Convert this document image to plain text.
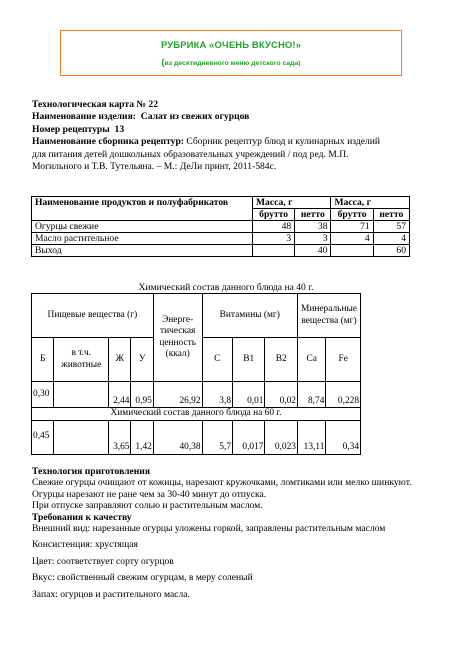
РУБРИКА «ОЧЕНЬ ВКУСНО!»
(из десятидневного меню детского сада)
Технологическая карта № 22
Наименование изделия: Салат из свежих огурцов
Номер рецептуры 13
Наименование сборника рецептур: Сборник рецептур блюд и кулинарных изделий
для питания детей дошкольных образовательных учреждений / под ред. М.П.
Могильного и Т.В. Тутельяна. – М.: ДеЛи принт, 2011-584с.
Наименование продуктов и полуфабрикатов	Масса, г		Масса, г	
	брутто	нетто	брутто	нетто
Огурцы свежие	48	38	71	57
Масло растительное	3	3	4	4
Выход		40		60
Химический состав данного блюда на 40 г.
Пищевые вещества (г)				Энерге-тическая ценность (ккал)	Витамины (мг)			Минеральные вещества (мг)	
Б	в т.ч. животные	Ж	У		C	B1	B2	Ca	Fe
0,30		2,44	0,95	26,92	3,8	0,01	0,02	8,74	0,228
Химический состав данного блюда на 60 г.									
0,45		3,65	1,42	40,38	5,7	0,017	0,023	13,11	0,34
Технология приготовления
Свежие огурцы очищают от кожицы, нарезают кружочками, ломтиками или мелко шинкуют.
Огурцы нарезают не ране чем за 30-40 минут до отпуска.
При отпуске заправляют солью и растительным маслом.
Требования к качеству
Внешний вид: нарезанные огурцы уложены горкой, заправлены растительным маслом
Консистенция: хрустящая
Цвет: соответствует сорту огурцов
Вкус: свойственный свежим огурцам, в меру соленый
Запах: огурцов и растительного масла.
